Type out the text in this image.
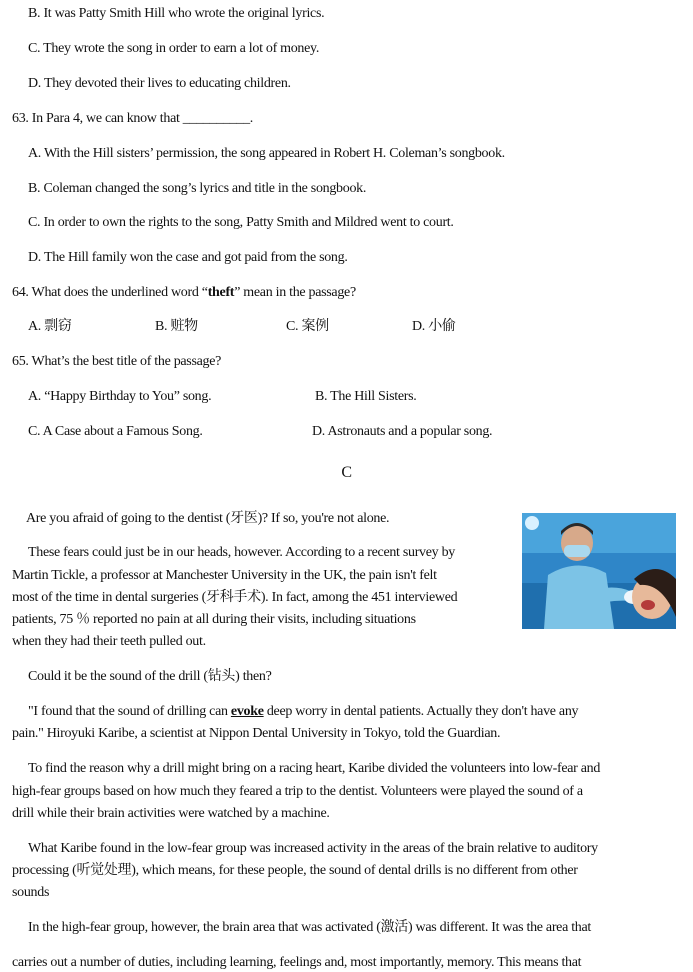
B. It was Patty Smith Hill who wrote the original lyrics.
C. They wrote the song in order to earn a lot of money.
D. They devoted their lives to educating children.
63. In Para 4, we can know that __________.
A. With the Hill sisters’ permission, the song appeared in Robert H. Coleman’s songbook.
B. Coleman changed the song’s lyrics and title in the songbook.
C. In order to own the rights to the song, Patty Smith and Mildred went to court.
D. The Hill family won the case and got paid from the song.
64. What does the underlined word “theft” mean in the passage?
A. 剽窃	B. 赃物	C. 案例	D. 小偷
65. What’s the best title of the passage?
A. “Happy Birthday to You” song.	B. The Hill Sisters.
C. A Case about a Famous Song.	D. Astronauts and a popular song.
C
Are you afraid of going to the dentist (牙医)? If so, you're not alone.
These fears could just be in our heads, however. According to a recent survey by
Martin Tickle, a professor at Manchester University in the UK, the pain isn't felt
most of the time in dental surgeries (牙科手术). In fact, among the 451 interviewed
patients, 75 ％ reported no pain at all during their visits, including situations
when they had their teeth pulled out.
Could it be the sound of the drill (钻头) then?
"I found that the sound of drilling can evoke deep worry in dental patients. Actually they don't have any
pain." Hiroyuki Karibe, a scientist at Nippon Dental University in Tokyo, told the Guardian.
To find the reason why a drill might bring on a racing heart, Karibe divided the volunteers into low-fear and
high-fear groups based on how much they feared a trip to the dentist. Volunteers were played the sound of a
drill while their brain activities were watched by a machine.
What Karibe found in the low-fear group was increased activity in the areas of the brain relative to auditory
processing (听觉处理), which means, for these people, the sound of dental drills is no different from other
sounds
In the high-fear group, however, the brain area that was activated (激活) was different. It was the area that
carries out a number of duties, including learning, feelings and, most importantly, memory. This means that
